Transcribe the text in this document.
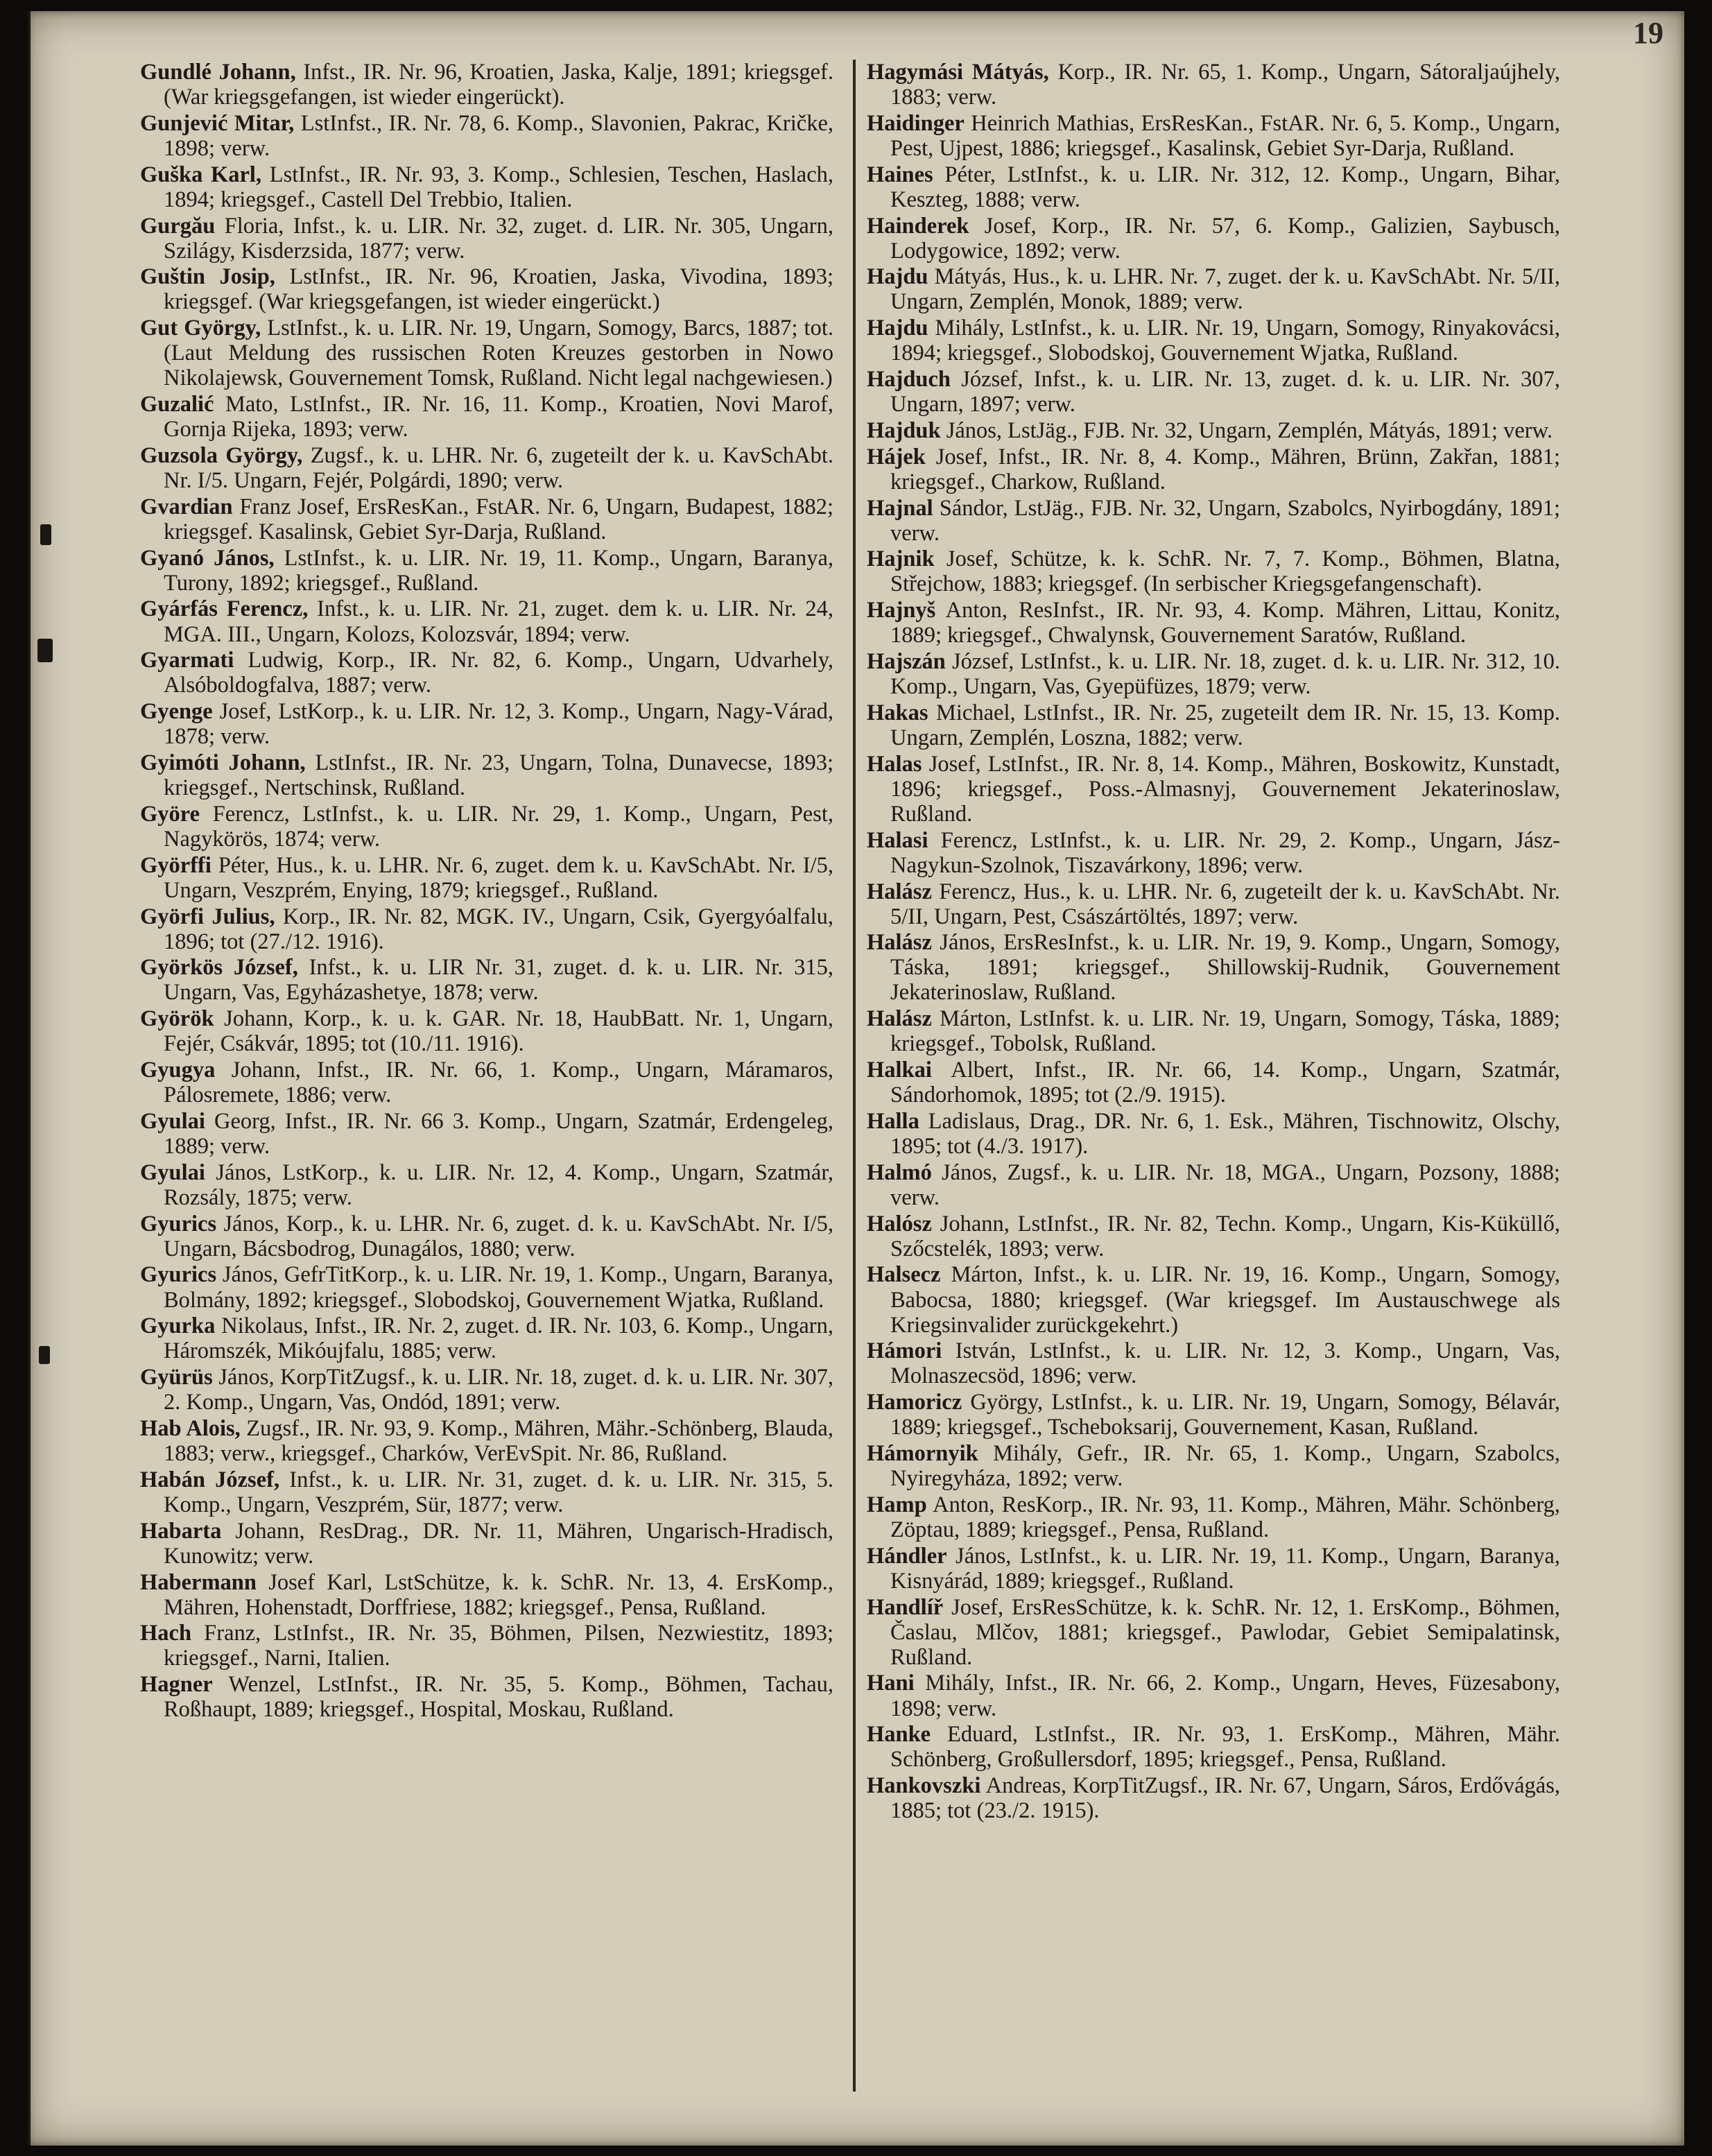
19

Gundlé Johann, Infst., IR. Nr. 96, Kroatien, Jaska, Kalje, 1891; kriegsgef. (War kriegsgefangen, ist wieder eingerückt).

Gunjević Mitar, LstInfst., IR. Nr. 78, 6. Komp., Slavonien, Pakrac, Kričke, 1898; verw.

Guška Karl, LstInfst., IR. Nr. 93, 3. Komp., Schlesien, Teschen, Haslach, 1894; kriegsgef., Castell Del Trebbio, Italien.

Gurgău Floria, Infst., k. u. LIR. Nr. 32, zuget. d. LIR. Nr. 305, Ungarn, Szilágy, Kisderzsida, 1877; verw.

Guštin Josip, LstInfst., IR. Nr. 96, Kroatien, Jaska, Vivodina, 1893; kriegsgef. (War kriegsgefangen, ist wieder eingerückt.)

Gut György, LstInfst., k. u. LIR. Nr. 19, Ungarn, Somogy, Barcs, 1887; tot. (Laut Meldung des russischen Roten Kreuzes gestorben in Nowo Nikolajewsk, Gouvernement Tomsk, Rußland. Nicht legal nachgewiesen.)

Guzalić Mato, LstInfst., IR. Nr. 16, 11. Komp., Kroatien, Novi Marof, Gornja Rijeka, 1893; verw.

Guzsola György, Zugsf., k. u. LHR. Nr. 6, zugeteilt der k. u. KavSchAbt. Nr. I/5. Ungarn, Fejér, Polgárdi, 1890; verw.

Gvardian Franz Josef, ErsResKan., FstAR. Nr. 6, Ungarn, Budapest, 1882; kriegsgef. Kasalinsk, Gebiet Syr-Darja, Rußland.

Gyanó János, LstInfst., k. u. LIR. Nr. 19, 11. Komp., Ungarn, Baranya, Turony, 1892; kriegsgef., Rußland.

Gyárfás Ferencz, Infst., k. u. LIR. Nr. 21, zuget. dem k. u. LIR. Nr. 24, MGA. III., Ungarn, Kolozs, Kolozsvár, 1894; verw.

Gyarmati Ludwig, Korp., IR. Nr. 82, 6. Komp., Ungarn, Udvarhely, Alsóboldogfalva, 1887; verw.

Gyenge Josef, LstKorp., k. u. LIR. Nr. 12, 3. Komp., Ungarn, Nagy-Várad, 1878; verw.

Gyimóti Johann, LstInfst., IR. Nr. 23, Ungarn, Tolna, Dunavecse, 1893; kriegsgef., Nertschinsk, Rußland.

Györe Ferencz, LstInfst., k. u. LIR. Nr. 29, 1. Komp., Ungarn, Pest, Nagykörös, 1874; verw.

Györffi Péter, Hus., k. u. LHR. Nr. 6, zuget. dem k. u. KavSchAbt. Nr. I/5, Ungarn, Veszprém, Enying, 1879; kriegsgef., Rußland.

Györfi Julius, Korp., IR. Nr. 82, MGK. IV., Ungarn, Csik, Gyergyóalfalu, 1896; tot (27./12. 1916).

Györkös József, Infst., k. u. LIR Nr. 31, zuget. d. k. u. LIR. Nr. 315, Ungarn, Vas, Egyházashetye, 1878; verw.

Györök Johann, Korp., k. u. k. GAR. Nr. 18, HaubBatt. Nr. 1, Ungarn, Fejér, Csákvár, 1895; tot (10./11. 1916).

Gyugya Johann, Infst., IR. Nr. 66, 1. Komp., Ungarn, Máramaros, Pálosremete, 1886; verw.

Gyulai Georg, Infst., IR. Nr. 66 3. Komp., Ungarn, Szatmár, Erdengeleg, 1889; verw.

Gyulai János, LstKorp., k. u. LIR. Nr. 12, 4. Komp., Ungarn, Szatmár, Rozsály, 1875; verw.

Gyurics János, Korp., k. u. LHR. Nr. 6, zuget. d. k. u. KavSchAbt. Nr. I/5, Ungarn, Bácsbodrog, Dunagálos, 1880; verw.

Gyurics János, GefrTitKorp., k. u. LIR. Nr. 19, 1. Komp., Ungarn, Baranya, Bolmány, 1892; kriegsgef., Slobodskoj, Gouvernement Wjatka, Rußland.

Gyurka Nikolaus, Infst., IR. Nr. 2, zuget. d. IR. Nr. 103, 6. Komp., Ungarn, Háromszék, Mikóujfalu, 1885; verw.

Gyürüs János, KorpTitZugsf., k. u. LIR. Nr. 18, zuget. d. k. u. LIR. Nr. 307, 2. Komp., Ungarn, Vas, Ondód, 1891; verw.

Hab Alois, Zugsf., IR. Nr. 93, 9. Komp., Mähren, Mähr.-Schönberg, Blauda, 1883; verw., kriegsgef., Charków, VerEvSpit. Nr. 86, Rußland.

Habán József, Infst., k. u. LIR. Nr. 31, zuget. d. k. u. LIR. Nr. 315, 5. Komp., Ungarn, Veszprém, Sür, 1877; verw.

Habarta Johann, ResDrag., DR. Nr. 11, Mähren, Ungarisch-Hradisch, Kunowitz; verw.

Habermann Josef Karl, LstSchütze, k. k. SchR. Nr. 13, 4. ErsKomp., Mähren, Hohenstadt, Dorffriese, 1882; kriegsgef., Pensa, Rußland.

Hach Franz, LstInfst., IR. Nr. 35, Böhmen, Pilsen, Nezwiestitz, 1893; kriegsgef., Narni, Italien.

Hagner Wenzel, LstInfst., IR. Nr. 35, 5. Komp., Böhmen, Tachau, Roßhaupt, 1889; kriegsgef., Hospital, Moskau, Rußland.

Hagymási Mátyás, Korp., IR. Nr. 65, 1. Komp., Ungarn, Sátoraljaújhely, 1883; verw.

Haidinger Heinrich Mathias, ErsResKan., FstAR. Nr. 6, 5. Komp., Ungarn, Pest, Ujpest, 1886; kriegsgef., Kasalinsk, Gebiet Syr-Darja, Rußland.

Haines Péter, LstInfst., k. u. LIR. Nr. 312, 12. Komp., Ungarn, Bihar, Keszteg, 1888; verw.

Hainderek Josef, Korp., IR. Nr. 57, 6. Komp., Galizien, Saybusch, Lodygowice, 1892; verw.

Hajdu Mátyás, Hus., k. u. LHR. Nr. 7, zuget. der k. u. KavSchAbt. Nr. 5/II, Ungarn, Zemplén, Monok, 1889; verw.

Hajdu Mihály, LstInfst., k. u. LIR. Nr. 19, Ungarn, Somogy, Rinyakovácsi, 1894; kriegsgef., Slobodskoj, Gouvernement Wjatka, Rußland.

Hajduch József, Infst., k. u. LIR. Nr. 13, zuget. d. k. u. LIR. Nr. 307, Ungarn, 1897; verw.

Hajduk János, LstJäg., FJB. Nr. 32, Ungarn, Zemplén, Mátyás, 1891; verw.

Hájek Josef, Infst., IR. Nr. 8, 4. Komp., Mähren, Brünn, Zakřan, 1881; kriegsgef., Charkow, Rußland.

Hajnal Sándor, LstJäg., FJB. Nr. 32, Ungarn, Szabolcs, Nyirbogdány, 1891; verw.

Hajnik Josef, Schütze, k. k. SchR. Nr. 7, 7. Komp., Böhmen, Blatna, Střejchow, 1883; kriegsgef. (In serbischer Kriegsgefangenschaft).

Hajnyš Anton, ResInfst., IR. Nr. 93, 4. Komp. Mähren, Littau, Konitz, 1889; kriegsgef., Chwalynsk, Gouvernement Saratów, Rußland.

Hajszán József, LstInfst., k. u. LIR. Nr. 18, zuget. d. k. u. LIR. Nr. 312, 10. Komp., Ungarn, Vas, Gyepüfüzes, 1879; verw.

Hakas Michael, LstInfst., IR. Nr. 25, zugeteilt dem IR. Nr. 15, 13. Komp. Ungarn, Zemplén, Loszna, 1882; verw.

Halas Josef, LstInfst., IR. Nr. 8, 14. Komp., Mähren, Boskowitz, Kunstadt, 1896; kriegsgef., Poss.-Almasnyj, Gouvernement Jekaterinoslaw, Rußland.

Halasi Ferencz, LstInfst., k. u. LIR. Nr. 29, 2. Komp., Ungarn, Jász-Nagykun-Szolnok, Tiszavárkony, 1896; verw.

Halász Ferencz, Hus., k. u. LHR. Nr. 6, zugeteilt der k. u. KavSchAbt. Nr. 5/II, Ungarn, Pest, Császártöltés, 1897; verw.

Halász János, ErsResInfst., k. u. LIR. Nr. 19, 9. Komp., Ungarn, Somogy, Táska, 1891; kriegsgef., Shillowskij-Rudnik, Gouvernement Jekaterinoslaw, Rußland.

Halász Márton, LstInfst. k. u. LIR. Nr. 19, Ungarn, Somogy, Táska, 1889; kriegsgef., Tobolsk, Rußland.

Halkai Albert, Infst., IR. Nr. 66, 14. Komp., Ungarn, Szatmár, Sándorhomok, 1895; tot (2./9. 1915).

Halla Ladislaus, Drag., DR. Nr. 6, 1. Esk., Mähren, Tischnowitz, Olschy, 1895; tot (4./3. 1917).

Halmó János, Zugsf., k. u. LIR. Nr. 18, MGA., Ungarn, Pozsony, 1888; verw.

Halósz Johann, LstInfst., IR. Nr. 82, Techn. Komp., Ungarn, Kis-Küküllő, Szőcstelék, 1893; verw.

Halsecz Márton, Infst., k. u. LIR. Nr. 19, 16. Komp., Ungarn, Somogy, Babocsa, 1880; kriegsgef. (War kriegsgef. Im Austauschwege als Kriegsinvalider zurückgekehrt.)

Hámori István, LstInfst., k. u. LIR. Nr. 12, 3. Komp., Ungarn, Vas, Molnaszecsöd, 1896; verw.

Hamoricz György, LstInfst., k. u. LIR. Nr. 19, Ungarn, Somogy, Bélavár, 1889; kriegsgef., Tscheboksarij, Gouvernement, Kasan, Rußland.

Hámornyik Mihály, Gefr., IR. Nr. 65, 1. Komp., Ungarn, Szabolcs, Nyiregyháza, 1892; verw.

Hamp Anton, ResKorp., IR. Nr. 93, 11. Komp., Mähren, Mähr. Schönberg, Zöptau, 1889; kriegsgef., Pensa, Rußland.

Hándler János, LstInfst., k. u. LIR. Nr. 19, 11. Komp., Ungarn, Baranya, Kisnyárád, 1889; kriegsgef., Rußland.

Handlíř Josef, ErsResSchütze, k. k. SchR. Nr. 12, 1. ErsKomp., Böhmen, Časlau, Mlčov, 1881; kriegsgef., Pawlodar, Gebiet Semipalatinsk, Rußland.

Hani Mihály, Infst., IR. Nr. 66, 2. Komp., Ungarn, Heves, Füzesabony, 1898; verw.

Hanke Eduard, LstInfst., IR. Nr. 93, 1. ErsKomp., Mähren, Mähr. Schönberg, Großullersdorf, 1895; kriegsgef., Pensa, Rußland.

Hankovszki Andreas, KorpTitZugsf., IR. Nr. 67, Ungarn, Sáros, Erdővágás, 1885; tot (23./2. 1915).
